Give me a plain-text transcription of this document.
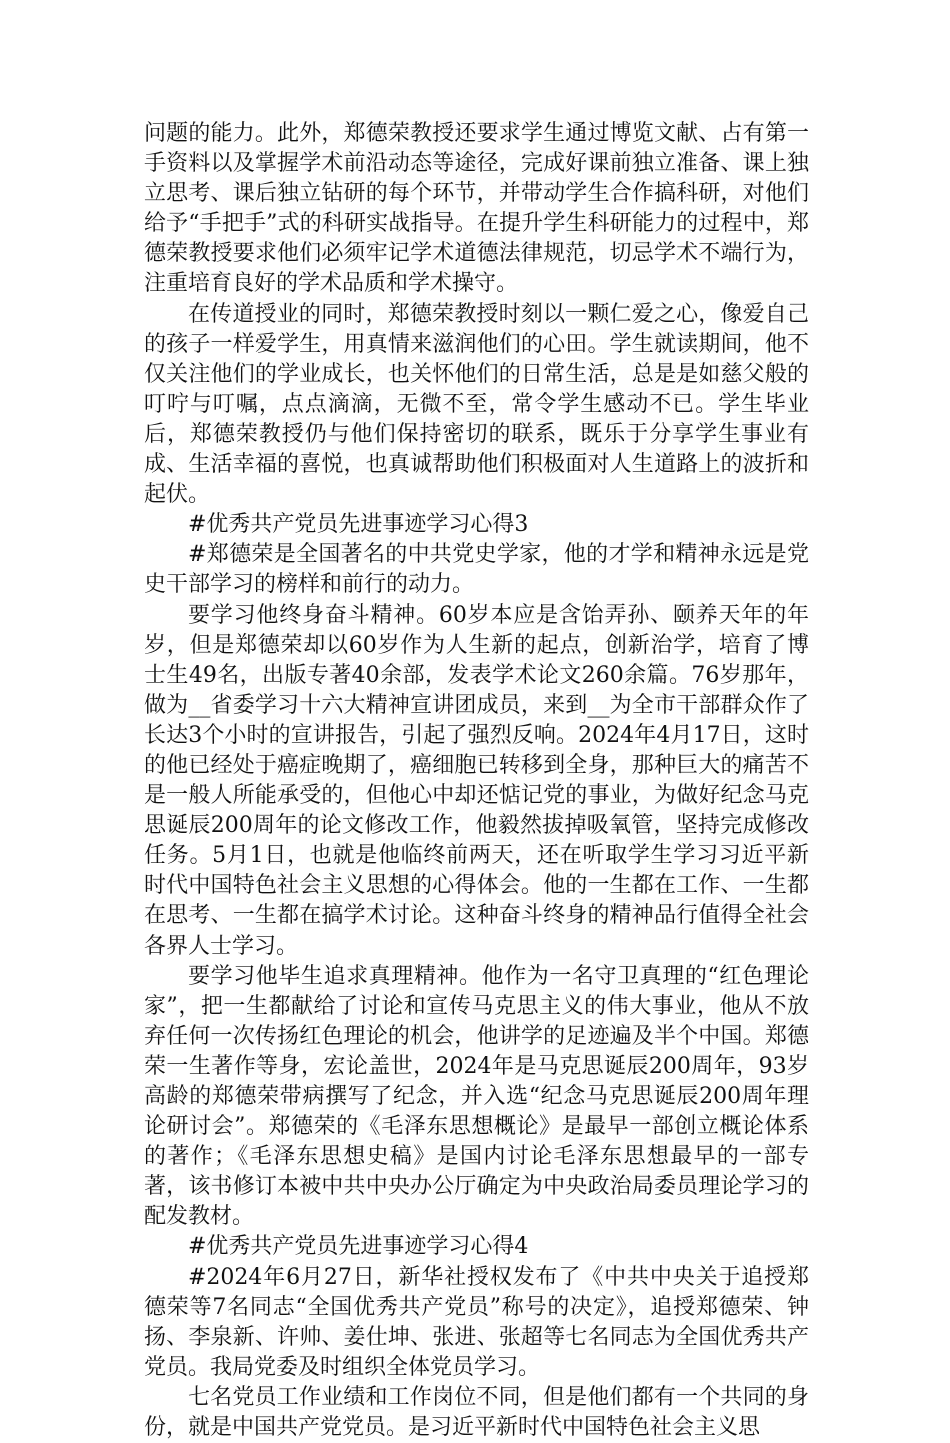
问题的能力。此外，郑德荣教授还要求学生通过博览文献、占有第一手资料以及掌握学术前沿动态等途径，完成好课前独立准备、课上独立思考、课后独立钻研的每个环节，并带动学生合作搞科研，对他们给予“手把手”式的科研实战指导。在提升学生科研能力的过程中，郑德荣教授要求他们必须牢记学术道德法律规范，切忌学术不端行为，注重培育良好的学术品质和学术操守。

在传道授业的同时，郑德荣教授时刻以一颗仁爱之心，像爱自己的孩子一样爱学生，用真情来滋润他们的心田。学生就读期间，他不仅关注他们的学业成长，也关怀他们的日常生活，总是是如慈父般的叮咛与叮嘱，点点滴滴，无微不至，常令学生感动不已。学生毕业后，郑德荣教授仍与他们保持密切的联系，既乐于分享学生事业有成、生活幸福的喜悦，也真诚帮助他们积极面对人生道路上的波折和起伏。

#优秀共产党员先进事迹学习心得3

#郑德荣是全国著名的中共党史学家，他的才学和精神永远是党史干部学习的榜样和前行的动力。

要学习他终身奋斗精神。60岁本应是含饴弄孙、颐养天年的年岁，但是郑德荣却以60岁作为人生新的起点，创新治学，培育了博士生49名，出版专著40余部，发表学术论文260余篇。76岁那年，做为__省委学习十六大精神宣讲团成员，来到__为全市干部群众作了长达3个小时的宣讲报告，引起了强烈反响。2024年4月17日，这时的他已经处于癌症晚期了，癌细胞已转移到全身，那种巨大的痛苦不是一般人所能承受的，但他心中却还惦记党的事业，为做好纪念马克思诞辰200周年的论文修改工作，他毅然拔掉吸氧管，坚持完成修改任务。5月1日，也就是他临终前两天，还在听取学生学习习近平新时代中国特色社会主义思想的心得体会。他的一生都在工作、一生都在思考、一生都在搞学术讨论。这种奋斗终身的精神品行值得全社会各界人士学习。

要学习他毕生追求真理精神。他作为一名守卫真理的“红色理论家”，把一生都献给了讨论和宣传马克思主义的伟大事业，他从不放弃任何一次传扬红色理论的机会，他讲学的足迹遍及半个中国。郑德荣一生著作等身，宏论盖世，2024年是马克思诞辰200周年，93岁高龄的郑德荣带病撰写了纪念，并入选“纪念马克思诞辰200周年理论研讨会”。郑德荣的《毛泽东思想概论》是最早一部创立概论体系的著作；《毛泽东思想史稿》是国内讨论毛泽东思想最早的一部专著，该书修订本被中共中央办公厅确定为中央政治局委员理论学习的配发教材。

#优秀共产党员先进事迹学习心得4

#2024年6月27日，新华社授权发布了《中共中央关于追授郑德荣等7名同志“全国优秀共产党员”称号的决定》，追授郑德荣、钟扬、李泉新、许帅、姜仕坤、张进、张超等七名同志为全国优秀共产党员。我局党委及时组织全体党员学习。

七名党员工作业绩和工作岗位不同，但是他们都有一个共同的身份，就是中国共产党党员。是习近平新时代中国特色社会主义思
